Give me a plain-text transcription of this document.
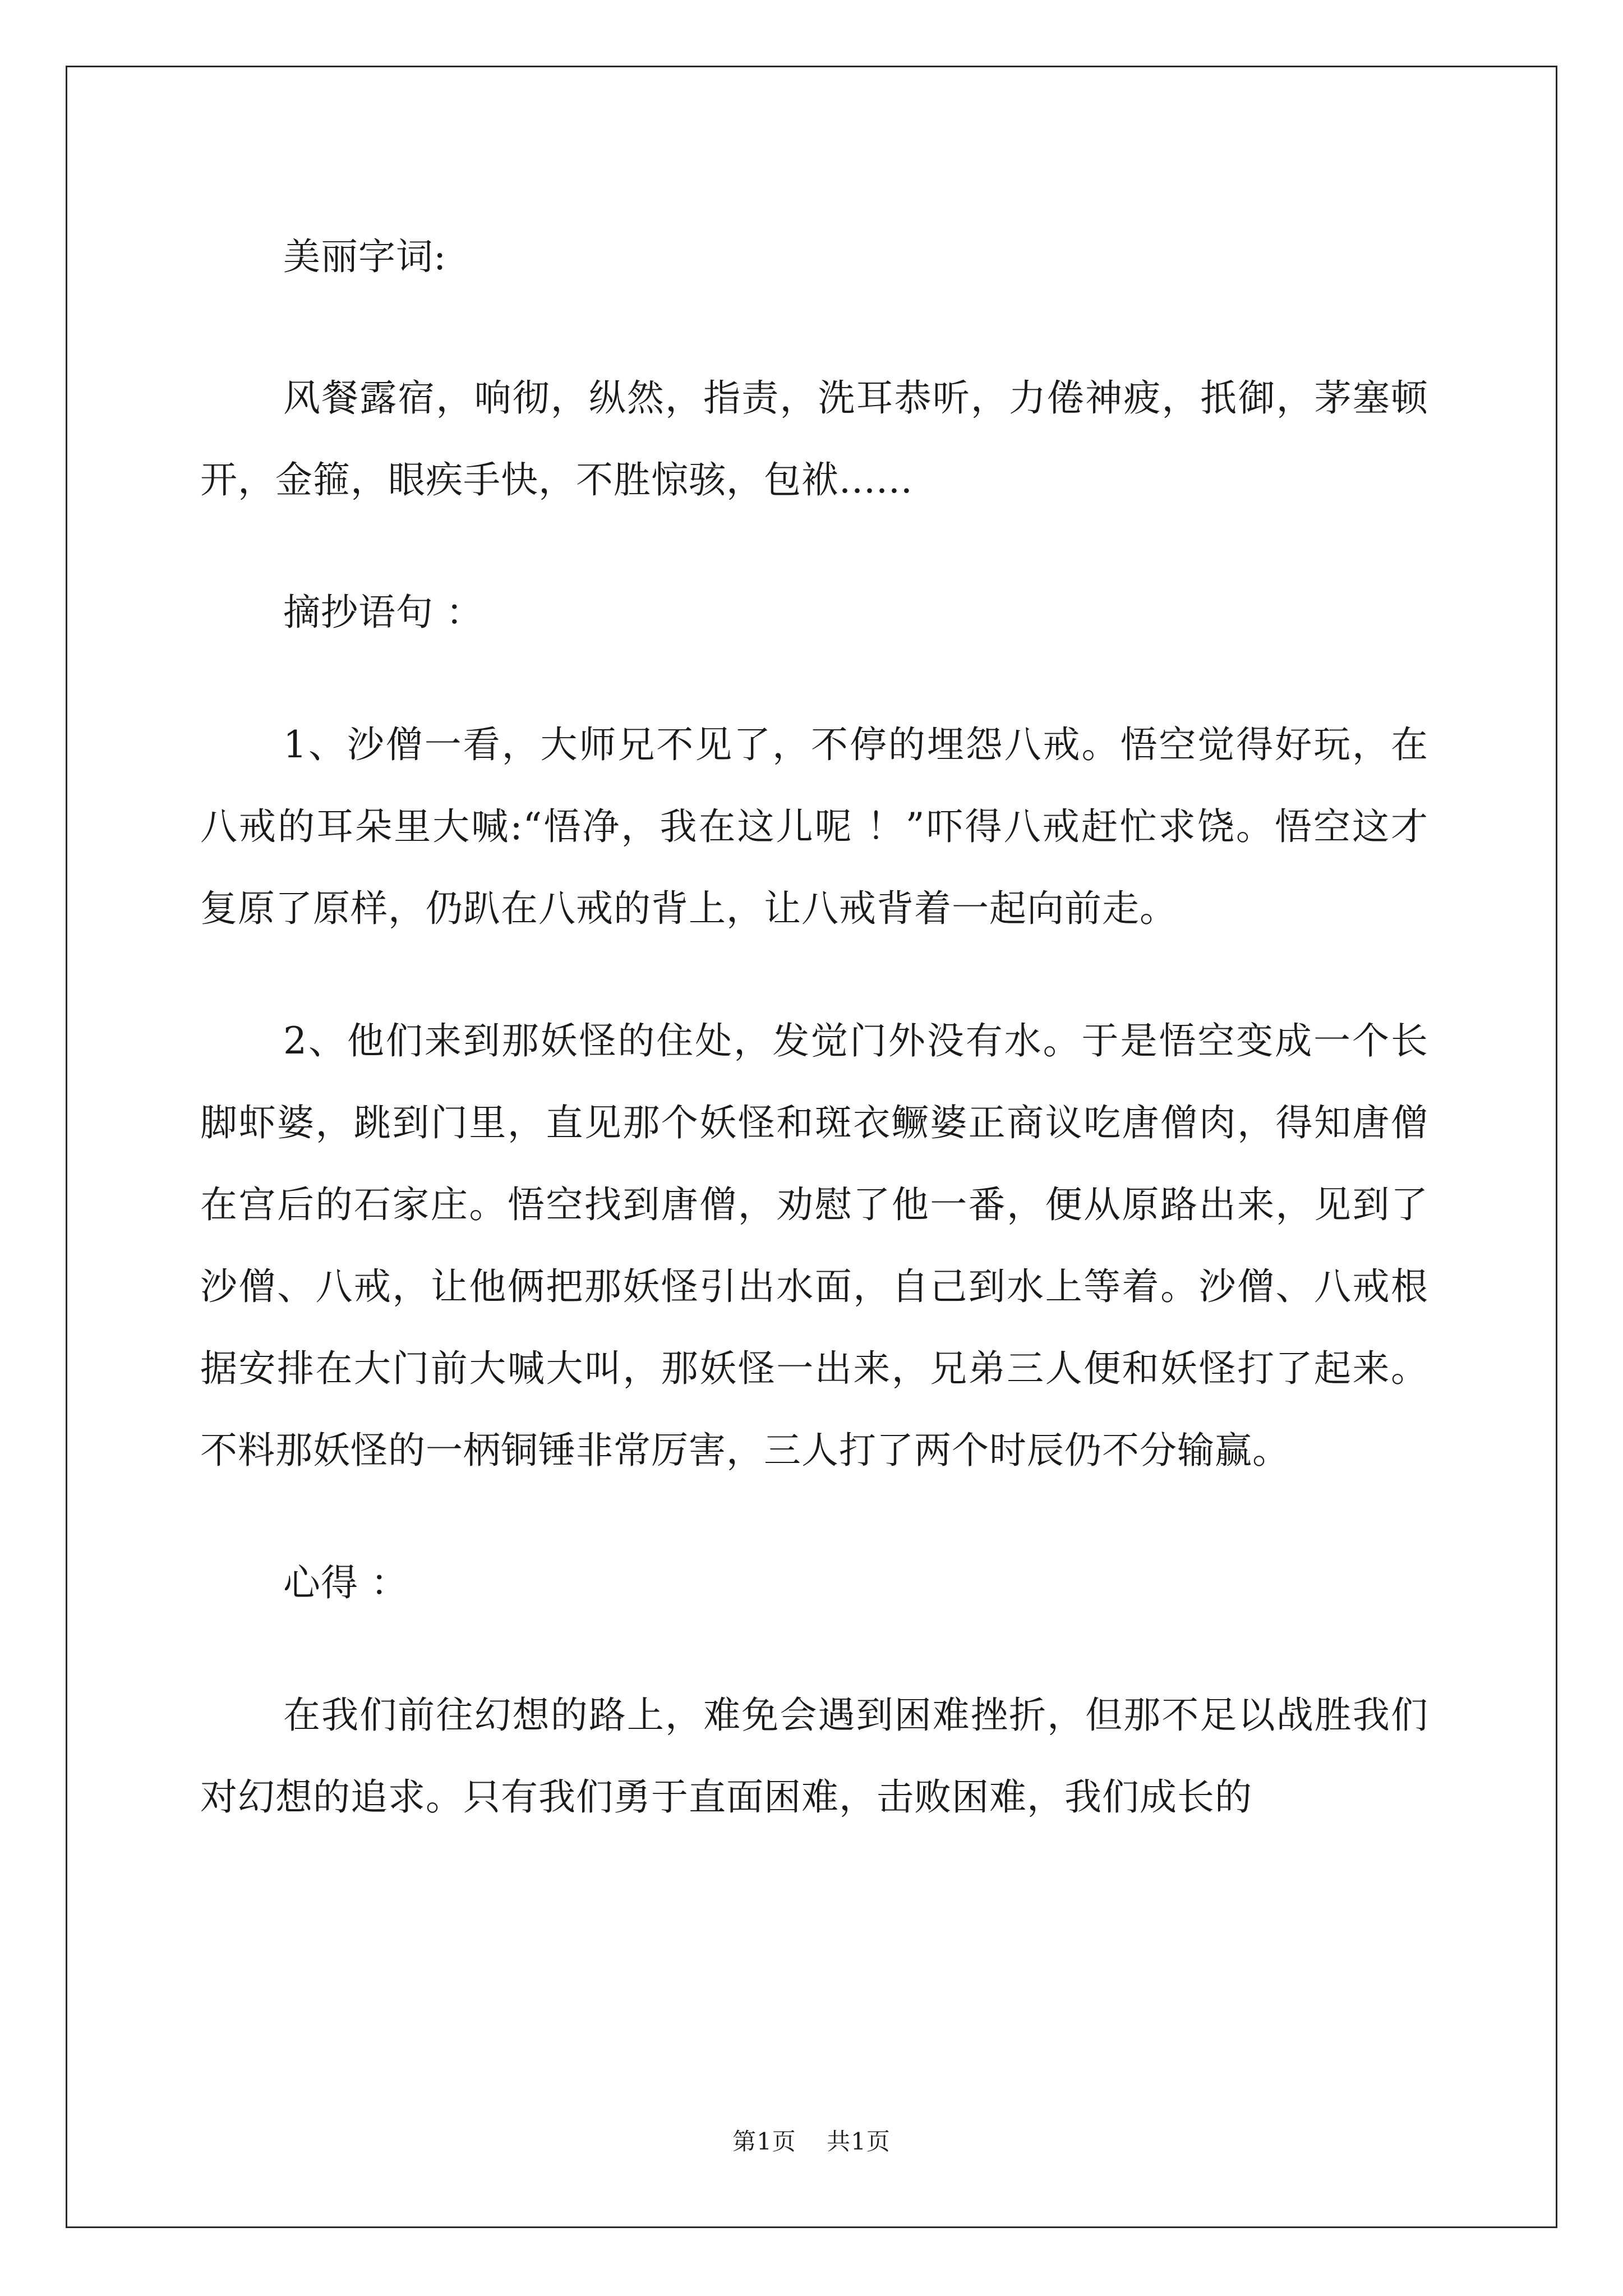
美丽字词:

风餐露宿，响彻，纵然，指责，洗耳恭听，力倦神疲，扺御，茅塞顿开，金箍，眼疾手快，不胜惊骇，包袱......

摘抄语句 ：

1、沙僧一看，大师兄不见了，不停的埋怨八戒。悟空觉得好玩，在八戒的耳朵里大喊:“悟净，我在这儿呢 ！”吓得八戒赶忙求饶。悟空这才复原了原样，仍趴在八戒的背上，让八戒背着一起向前走。

2、他们来到那妖怪的住处，发觉门外没有水。于是悟空变成一个长脚虾婆，跳到门里，直见那个妖怪和斑衣鳜婆正商议吃唐僧肉，得知唐僧在宫后的石家庄。悟空找到唐僧，劝慰了他一番，便从原路出来，见到了沙僧、八戒，让他俩把那妖怪引出水面，自己到水上等着。沙僧、八戒根据安排在大门前大喊大叫，那妖怪一出来，兄弟三人便和妖怪打了起来。不料那妖怪的一柄铜锤非常厉害，三人打了两个时辰仍不分输赢。

心得 ：

在我们前往幻想的路上，难免会遇到困难挫折，但那不足以战胜我们对幻想的追求。只有我们勇于直面困难，击败困难，我们成长的

第1页 共1页
